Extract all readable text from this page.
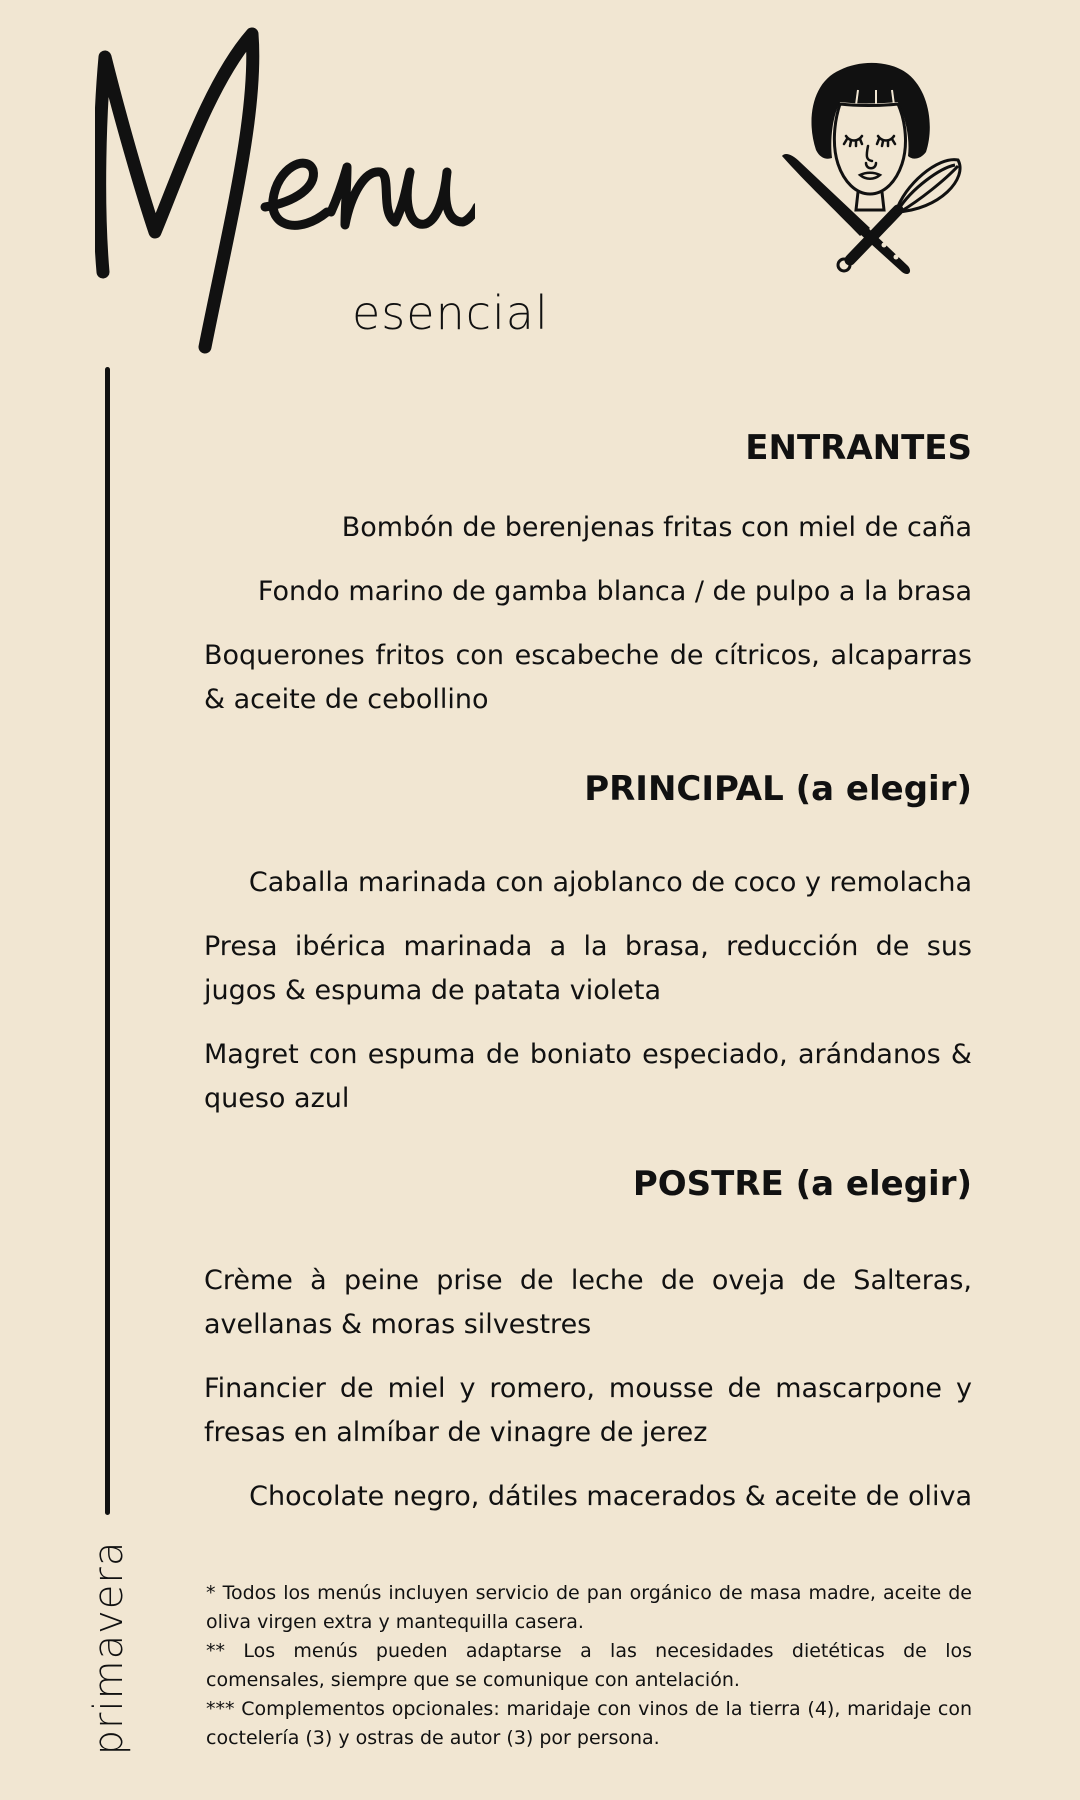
esencial

primavera

ENTRANTES

Bombón de berenjenas fritas con miel de caña

Fondo marino de gamba blanca / de pulpo a la brasa

Boquerones fritos con escabeche de cítricos, alcaparras & aceite de cebollino

PRINCIPAL (a elegir)

Caballa marinada con ajoblanco de coco y remolacha

Presa ibérica marinada a la brasa, reducción de sus jugos & espuma de patata violeta

Magret con espuma de boniato especiado, arándanos & queso azul

POSTRE (a elegir)

Crème à peine prise de leche de oveja de Salteras, avellanas & moras silvestres

Financier de miel y romero, mousse de mascarpone y fresas en almíbar de vinagre de jerez

Chocolate negro, dátiles macerados & aceite de oliva

* Todos los menús incluyen servicio de pan orgánico de masa madre, aceite de oliva virgen extra y mantequilla casera.

** Los menús pueden adaptarse a las necesidades dietéticas de los comensales, siempre que se comunique con antelación.

*** Complementos opcionales: maridaje con vinos de la tierra (4), maridaje con coctelería (3) y ostras de autor (3) por persona.
